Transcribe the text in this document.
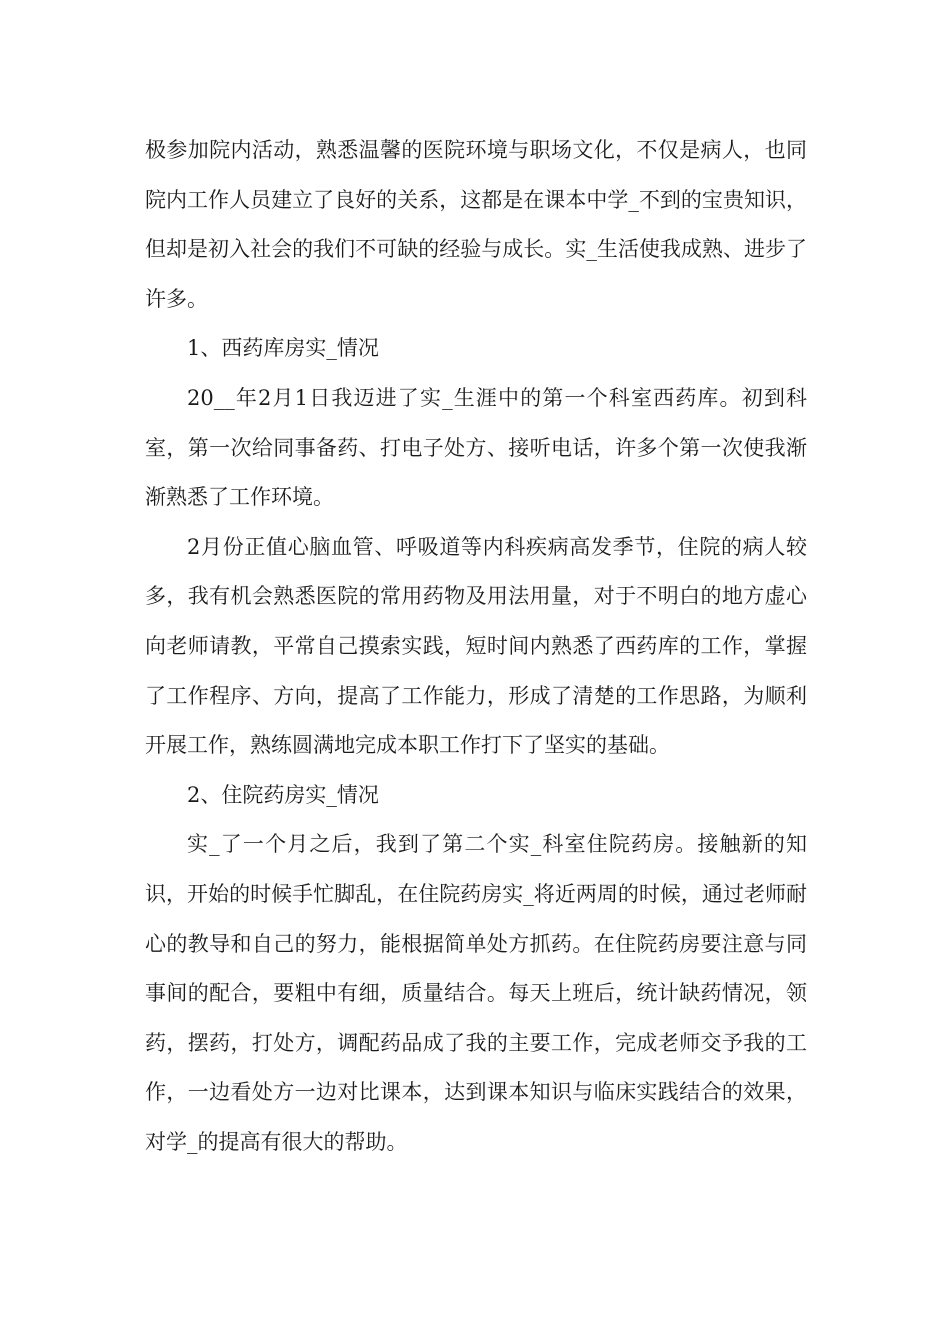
极参加院内活动，熟悉温馨的医院环境与职场文化，不仅是病人，也同院内工作人员建立了良好的关系，这都是在课本中学_不到的宝贵知识，但却是初入社会的我们不可缺的经验与成长。实_生活使我成熟、进步了许多。

1、西药库房实_情况

20__年2月1日我迈进了实_生涯中的第一个科室西药库。初到科室，第一次给同事备药、打电子处方、接听电话，许多个第一次使我渐渐熟悉了工作环境。

2月份正值心脑血管、呼吸道等内科疾病高发季节，住院的病人较多，我有机会熟悉医院的常用药物及用法用量，对于不明白的地方虚心向老师请教，平常自己摸索实践，短时间内熟悉了西药库的工作，掌握了工作程序、方向，提高了工作能力，形成了清楚的工作思路，为顺利开展工作，熟练圆满地完成本职工作打下了坚实的基础。

2、住院药房实_情况

实_了一个月之后，我到了第二个实_科室住院药房。接触新的知识，开始的时候手忙脚乱，在住院药房实_将近两周的时候，通过老师耐心的教导和自己的努力，能根据简单处方抓药。在住院药房要注意与同事间的配合，要粗中有细，质量结合。每天上班后，统计缺药情况，领药，摆药，打处方，调配药品成了我的主要工作，完成老师交予我的工作，一边看处方一边对比课本，达到课本知识与临床实践结合的效果，对学_的提高有很大的帮助。
